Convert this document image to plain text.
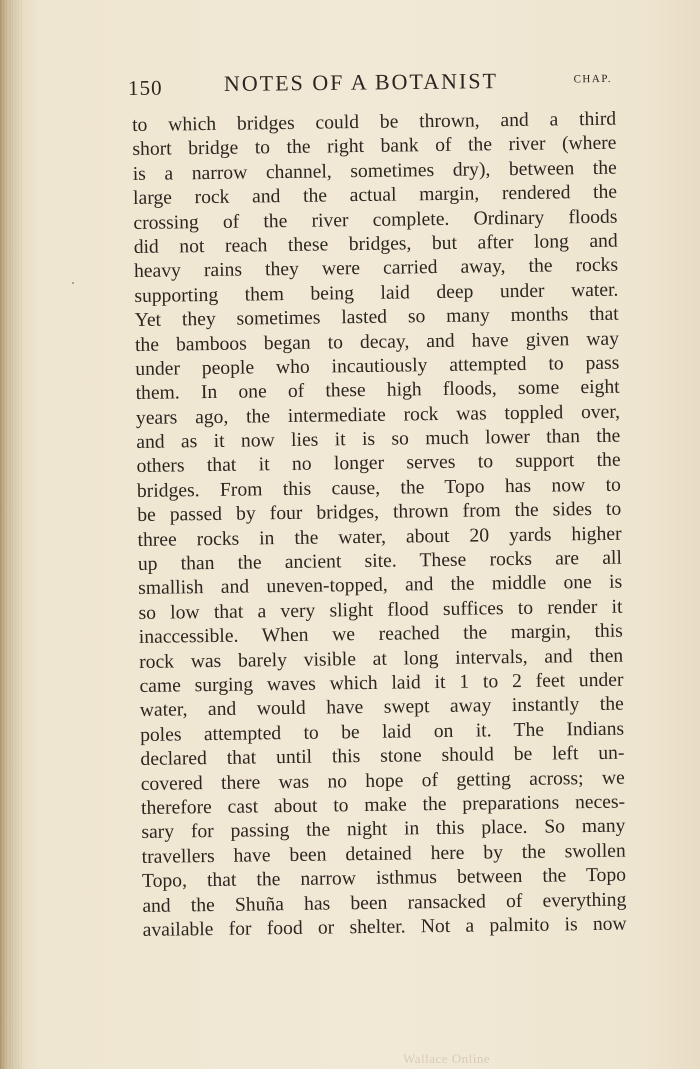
150	NOTES OF A BOTANIST	CHAP.
to which bridges could be thrown, and a third
short bridge to the right bank of the river (where
is a narrow channel, sometimes dry), between the
large rock and the actual margin, rendered the
crossing of the river complete. Ordinary floods
did not reach these bridges, but after long and
heavy rains they were carried away, the rocks
supporting them being laid deep under water.
Yet they sometimes lasted so many months that
the bamboos began to decay, and have given way
under people who incautiously attempted to pass
them. In one of these high floods, some eight
years ago, the intermediate rock was toppled over,
and as it now lies it is so much lower than the
others that it no longer serves to support the
bridges. From this cause, the Topo has now to
be passed by four bridges, thrown from the sides to
three rocks in the water, about 20 yards higher
up than the ancient site. These rocks are all
smallish and uneven-topped, and the middle one is
so low that a very slight flood suffices to render it
inaccessible. When we reached the margin, this
rock was barely visible at long intervals, and then
came surging waves which laid it 1 to 2 feet under
water, and would have swept away instantly the
poles attempted to be laid on it. The Indians
declared that until this stone should be left un-
covered there was no hope of getting across; we
therefore cast about to make the preparations neces-
sary for passing the night in this place. So many
travellers have been detained here by the swollen
Topo, that the narrow isthmus between the Topo
and the Shuña has been ransacked of everything
available for food or shelter. Not a palmito is now
Wallace Online
